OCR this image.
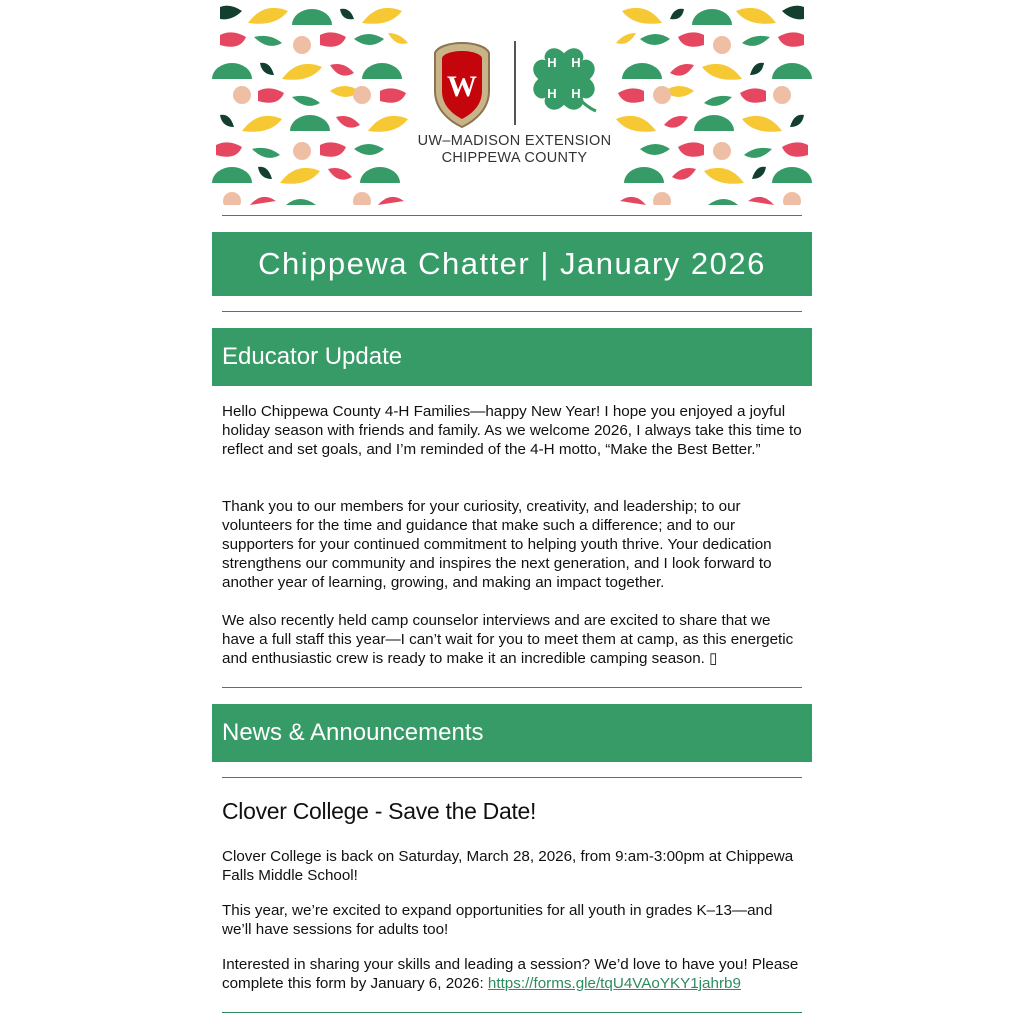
W
H H
H H
UW–MADISON EXTENSION
CHIPPEWA COUNTY
Chippewa Chatter | January 2026
Educator Update
Hello Chippewa County 4-H Families—happy New Year! I hope you enjoyed a joyful holiday season with friends and family. As we welcome 2026, I always take this time to reflect and set goals, and I’m reminded of the 4-H motto, “Make the Best Better.”
Thank you to our members for your curiosity, creativity, and leadership; to our volunteers for the time and guidance that make such a difference; and to our supporters for your continued commitment to helping youth thrive. Your dedication strengthens our community and inspires the next generation, and I look forward to another year of learning, growing, and making an impact together.
We also recently held camp counselor interviews and are excited to share that we have a full staff this year—I can’t wait for you to meet them at camp, as this energetic and enthusiastic crew is ready to make it an incredible camping season. ▯
News & Announcements
Clover College - Save the Date!
Clover College is back on Saturday, March 28, 2026, from 9:am-3:00pm at Chippewa Falls Middle School!
This year, we’re excited to expand opportunities for all youth in grades K–13—and we’ll have sessions for adults too!
Interested in sharing your skills and leading a session? We’d love to have you! Please complete this form by January 6, 2026: https://forms.gle/tqU4VAoYKY1jahrb9
